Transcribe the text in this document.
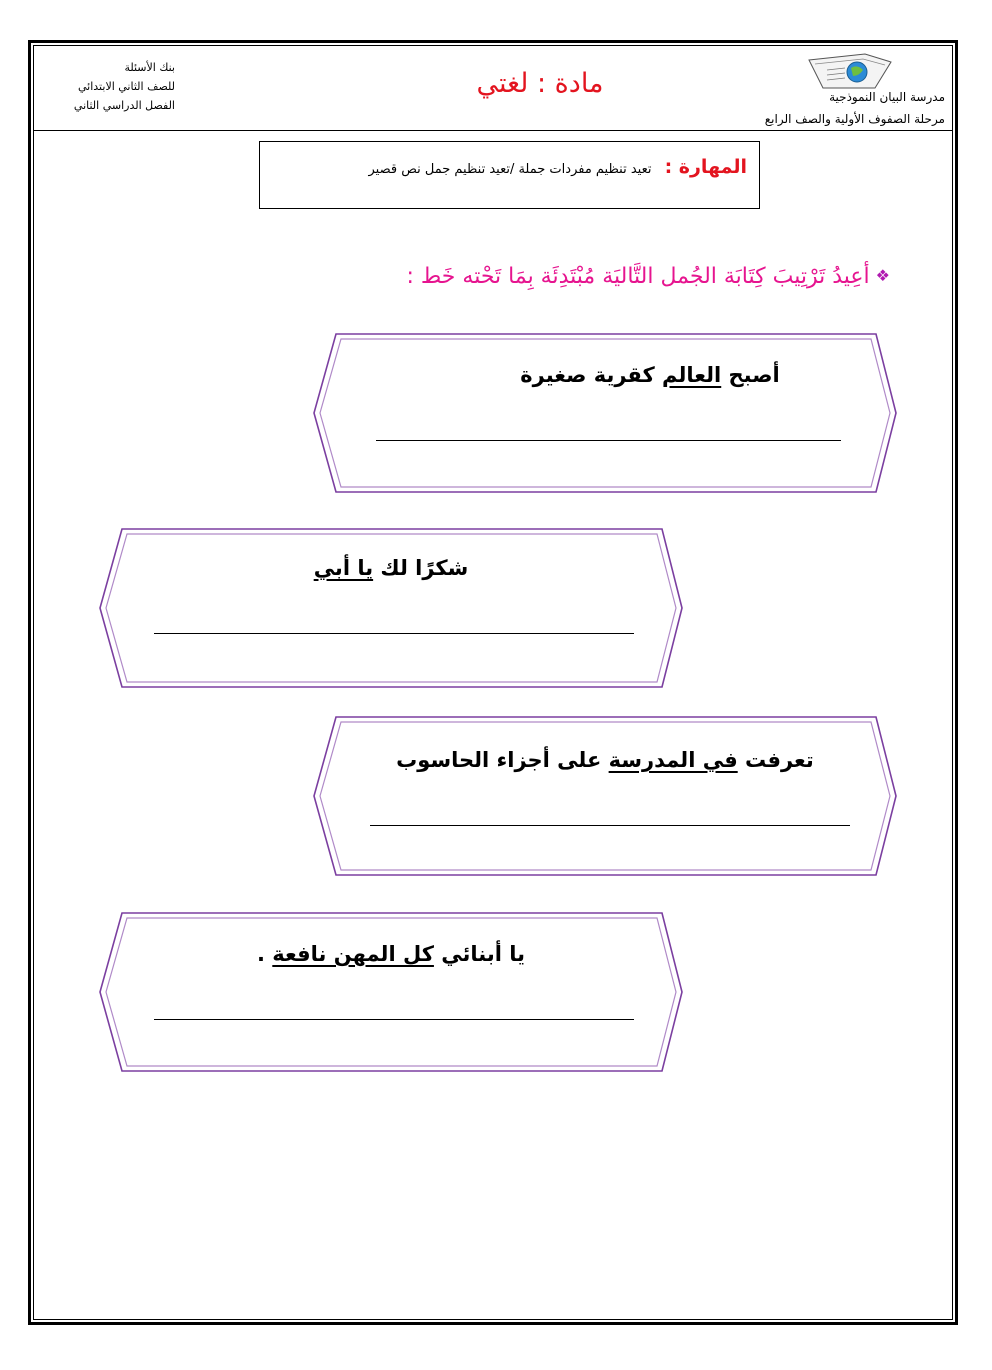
بنك الأسئلة
للصف الثاني الابتدائي
الفصل الدراسي الثاني
مادة : لغتي	مدرسة البيان النموذجية
مرحلة الصفوف الأولية والصف الرابع
المهارة : تعيد تنظيم مفردات جملة /تعيد تنظيم جمل نص قصير
❖أعِيدُ تَرْتِيبَ كِتَابَة الجُمل التَّاليَة مُبْتَدِئَة بِمَا تَحْته خَط :
أصبح العالم كقرية صغيرة
شكرًا لك يا أبي
تعرفت في المدرسة على أجزاء الحاسوب
يا أبنائي كل المهن نافعة .
